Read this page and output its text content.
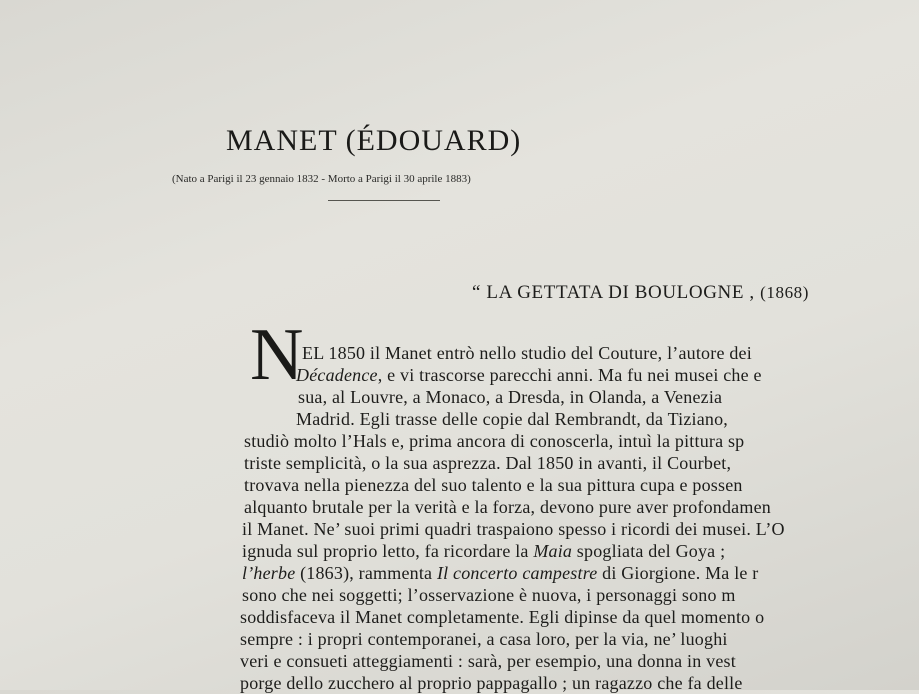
MANET (ÉDOUARD)
(Nato a Parigi il 23 gennaio 1832 - Morto a Parigi il 30 aprile 1883)
“ LA GETTATA DI BOULOGNE , (1868)
N
EL 1850 il Manet entrò nello studio del Couture, l’autore dei
Décadence, e vi trascorse parecchi anni. Ma fu nei musei che e
sua, al Louvre, a Monaco, a Dresda, in Olanda, a Venezia
Madrid. Egli trasse delle copie dal Rembrandt, da Tiziano,
studiò molto l’Hals e, prima ancora di conoscerla, intuì la pittura sp
triste semplicità, o la sua asprezza. Dal 1850 in avanti, il Courbet,
trovava nella pienezza del suo talento e la sua pittura cupa e possen
alquanto brutale per la verità e la forza, devono pure aver profondamen
il Manet. Ne’ suoi primi quadri traspaiono spesso i ricordi dei musei. L’O
ignuda sul proprio letto, fa ricordare la Maia spogliata del Goya ;
l’herbe (1863), rammenta Il concerto campestre di Giorgione. Ma le r
sono che nei soggetti; l’osservazione è nuova, i personaggi sono m
soddisfaceva il Manet completamente. Egli dipinse da quel momento o
sempre : i propri contemporanei, a casa loro, per la via, ne’ luoghi
veri e consueti atteggiamenti : sarà, per esempio, una donna in vest
porge dello zucchero al proprio pappagallo ; un ragazzo che fa delle
